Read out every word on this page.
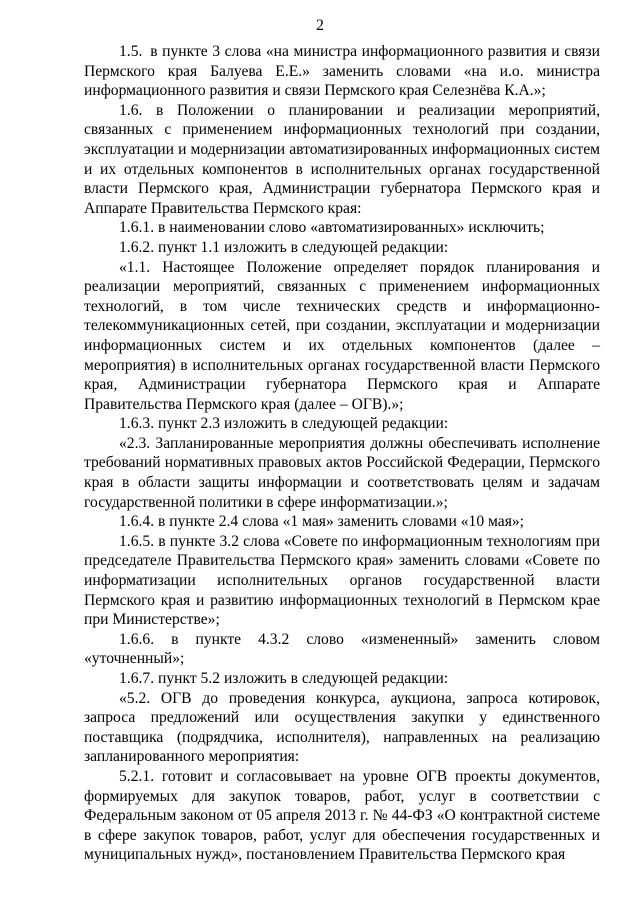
2

1.5. в пункте 3 слова «на министра информационного развития и связи Пермского края Балуева Е.Е.» заменить словами «на и.о. министра информационного развития и связи Пермского края Селезнёва К.А.»;

1.6. в Положении о планировании и реализации мероприятий, связанных с применением информационных технологий при создании, эксплуатации и модернизации автоматизированных информационных систем и их отдельных компонентов в исполнительных органах государственной власти Пермского края, Администрации губернатора Пермского края и Аппарате Правительства Пермского края:

1.6.1. в наименовании слово «автоматизированных» исключить;

1.6.2. пункт 1.1 изложить в следующей редакции:

«1.1. Настоящее Положение определяет порядок планирования и реализации мероприятий, связанных с применением информационных технологий, в том числе технических средств и информационно-телекоммуникационных сетей, при создании, эксплуатации и модернизации информационных систем и их отдельных компонентов (далее – мероприятия) в исполнительных органах государственной власти Пермского края, Администрации губернатора Пермского края и Аппарате Правительства Пермского края (далее – ОГВ).»;

1.6.3. пункт 2.3 изложить в следующей редакции:

«2.3. Запланированные мероприятия должны обеспечивать исполнение требований нормативных правовых актов Российской Федерации, Пермского края в области защиты информации и соответствовать целям и задачам государственной политики в сфере информатизации.»;

1.6.4. в пункте 2.4 слова «1 мая» заменить словами «10 мая»;

1.6.5. в пункте 3.2 слова «Совете по информационным технологиям при председателе Правительства Пермского края» заменить словами «Совете по информатизации исполнительных органов государственной власти Пермского края и развитию информационных технологий в Пермском крае при Министерстве»;

1.6.6. в пункте 4.3.2 слово «измененный» заменить словом «уточненный»;

1.6.7. пункт 5.2 изложить в следующей редакции:

«5.2. ОГВ до проведения конкурса, аукциона, запроса котировок, запроса предложений или осуществления закупки у единственного поставщика (подрядчика, исполнителя), направленных на реализацию запланированного мероприятия:

5.2.1. готовит и согласовывает на уровне ОГВ проекты документов, формируемых для закупок товаров, работ, услуг в соответствии с Федеральным законом от 05 апреля 2013 г. № 44-ФЗ «О контрактной системе в сфере закупок товаров, работ, услуг для обеспечения государственных и муниципальных нужд», постановлением Правительства Пермского края
